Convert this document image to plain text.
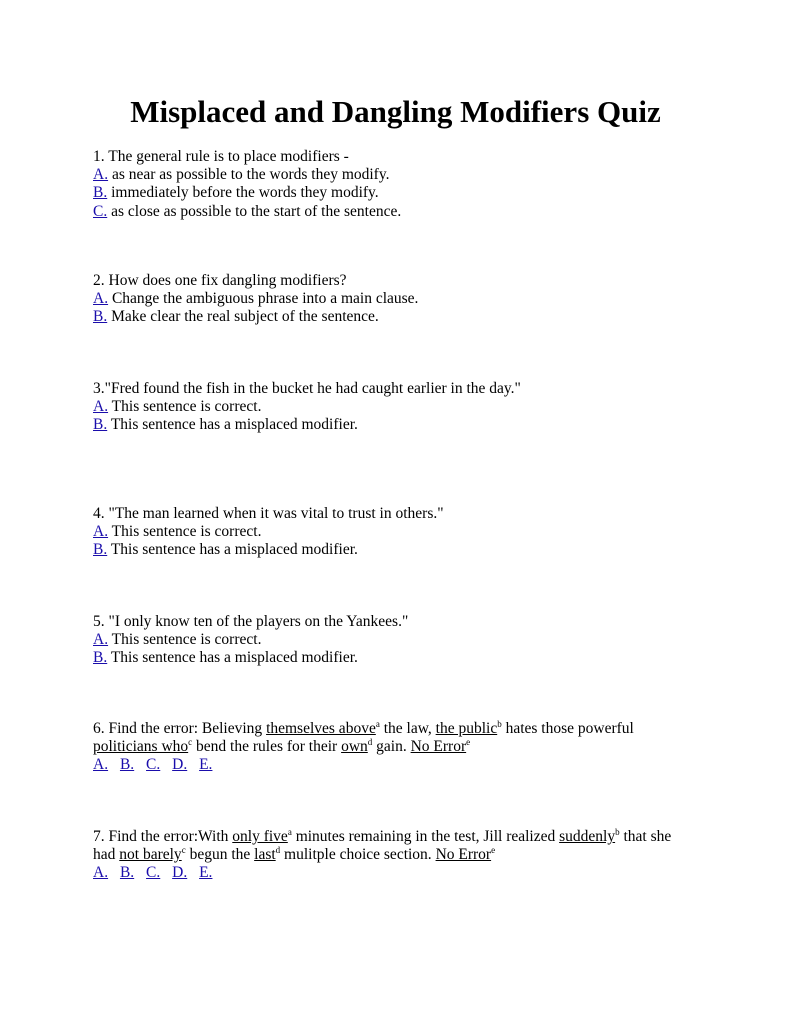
Misplaced and Dangling Modifiers Quiz
1. The general rule is to place modifiers -
A. as near as possible to the words they modify.
B. immediately before the words they modify.
C. as close as possible to the start of the sentence.
2. How does one fix dangling modifiers?
A. Change the ambiguous phrase into a main clause.
B. Make clear the real subject of the sentence.
3."Fred found the fish in the bucket he had caught earlier in the day."
A. This sentence is correct.
B. This sentence has a misplaced modifier.
4. "The man learned when it was vital to trust in others."
A. This sentence is correct.
B. This sentence has a misplaced modifier.
5. "I only know ten of the players on the Yankees."
A. This sentence is correct.
B. This sentence has a misplaced modifier.
6. Find the error: Believing themselves above$^a$ the law, the public$^b$ hates those powerful
politicians who$^c$ bend the rules for their own$^d$ gain. No Error$^e$
A. B. C. D. E.
7. Find the error:With only five$^a$ minutes remaining in the test, Jill realized suddenly$^b$ that she
had not barely$^c$ begun the last$^d$ mulitple choice section. No Error$^e$
A. B. C. D. E.
